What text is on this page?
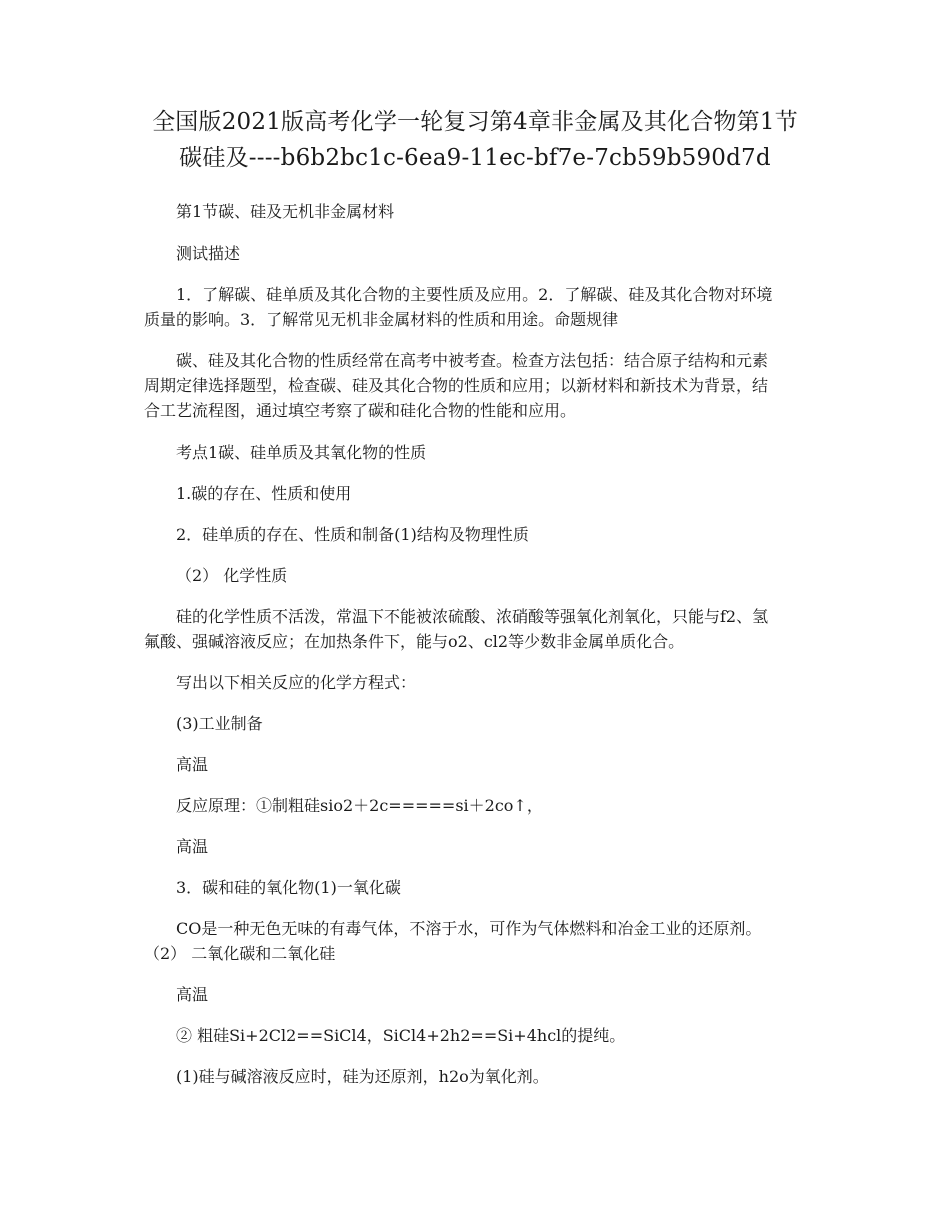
全国版2021版高考化学一轮复习第4章非金属及其化合物第1节
碳硅及----b6b2bc1c-6ea9-11ec-bf7e-7cb59b590d7d
第1节碳、硅及无机非金属材料
测试描述
1．了解碳、硅单质及其化合物的主要性质及应用。2．了解碳、硅及其化合物对环境
质量的影响。3．了解常见无机非金属材料的性质和用途。命题规律
碳、硅及其化合物的性质经常在高考中被考查。检查方法包括：结合原子结构和元素
周期定律选择题型，检查碳、硅及其化合物的性质和应用；以新材料和新技术为背景，结
合工艺流程图，通过填空考察了碳和硅化合物的性能和应用。
考点1碳、硅单质及其氧化物的性质
1.碳的存在、性质和使用
2．硅单质的存在、性质和制备(1)结构及物理性质
（2） 化学性质
硅的化学性质不活泼，常温下不能被浓硫酸、浓硝酸等强氧化剂氧化，只能与f2、氢
氟酸、强碱溶液反应；在加热条件下，能与o2、cl2等少数非金属单质化合。
写出以下相关反应的化学方程式：
(3)工业制备
高温
反应原理：①制粗硅sio2＋2c=====si＋2co↑，
高温
3．碳和硅的氧化物(1)一氧化碳
CO是一种无色无味的有毒气体，不溶于水，可作为气体燃料和冶金工业的还原剂。
（2） 二氧化碳和二氧化硅
高温
② 粗硅Si+2Cl2==SiCl4，SiCl4+2h2==Si+4hcl的提纯。
(1)硅与碱溶液反应时，硅为还原剂，h2o为氧化剂。
